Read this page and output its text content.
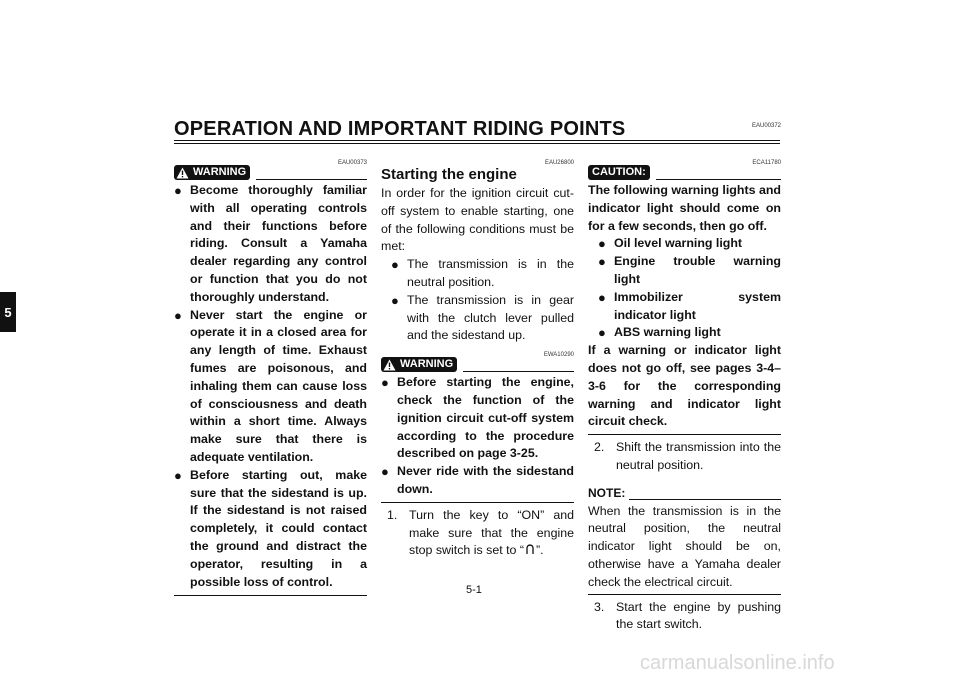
OPERATION AND IMPORTANT RIDING POINTS	EAU00372
5
EAU00373
WARNING
● Become thoroughly familiar with all operating controls and their functions before riding. Consult a Yamaha dealer regarding any control or function that you do not thoroughly understand.
● Never start the engine or operate it in a closed area for any length of time. Exhaust fumes are poisonous, and inhaling them can cause loss of consciousness and death within a short time. Always make sure that there is adequate ventilation.
● Before starting out, make sure that the sidestand is up. If the sidestand is not raised completely, it could contact the ground and distract the operator, resulting in a possible loss of control.
EAU26800
Starting the engine
In order for the ignition circuit cut-off system to enable starting, one of the following conditions must be met:
● The transmission is in the neutral position.
● The transmission is in gear with the clutch lever pulled and the sidestand up.
EWA10290
WARNING
● Before starting the engine, check the function of the ignition circuit cut-off system according to the procedure described on page 3-25.
● Never ride with the sidestand down.
1. Turn the key to “ON” and make sure that the engine stop switch is set to “ ”.
ECA11780
CAUTION:
The following warning lights and indicator light should come on for a few seconds, then go off.
● Oil level warning light
● Engine trouble warning light
● Immobilizer system indicator light
● ABS warning light
If a warning or indicator light does not go off, see pages 3-4–3-6 for the corresponding warning and indicator light circuit check.
2. Shift the transmission into the neutral position.
NOTE:
When the transmission is in the neutral position, the neutral indicator light should be on, otherwise have a Yamaha dealer check the electrical circuit.
3. Start the engine by pushing the start switch.
5-1
carmanualsonline.info
